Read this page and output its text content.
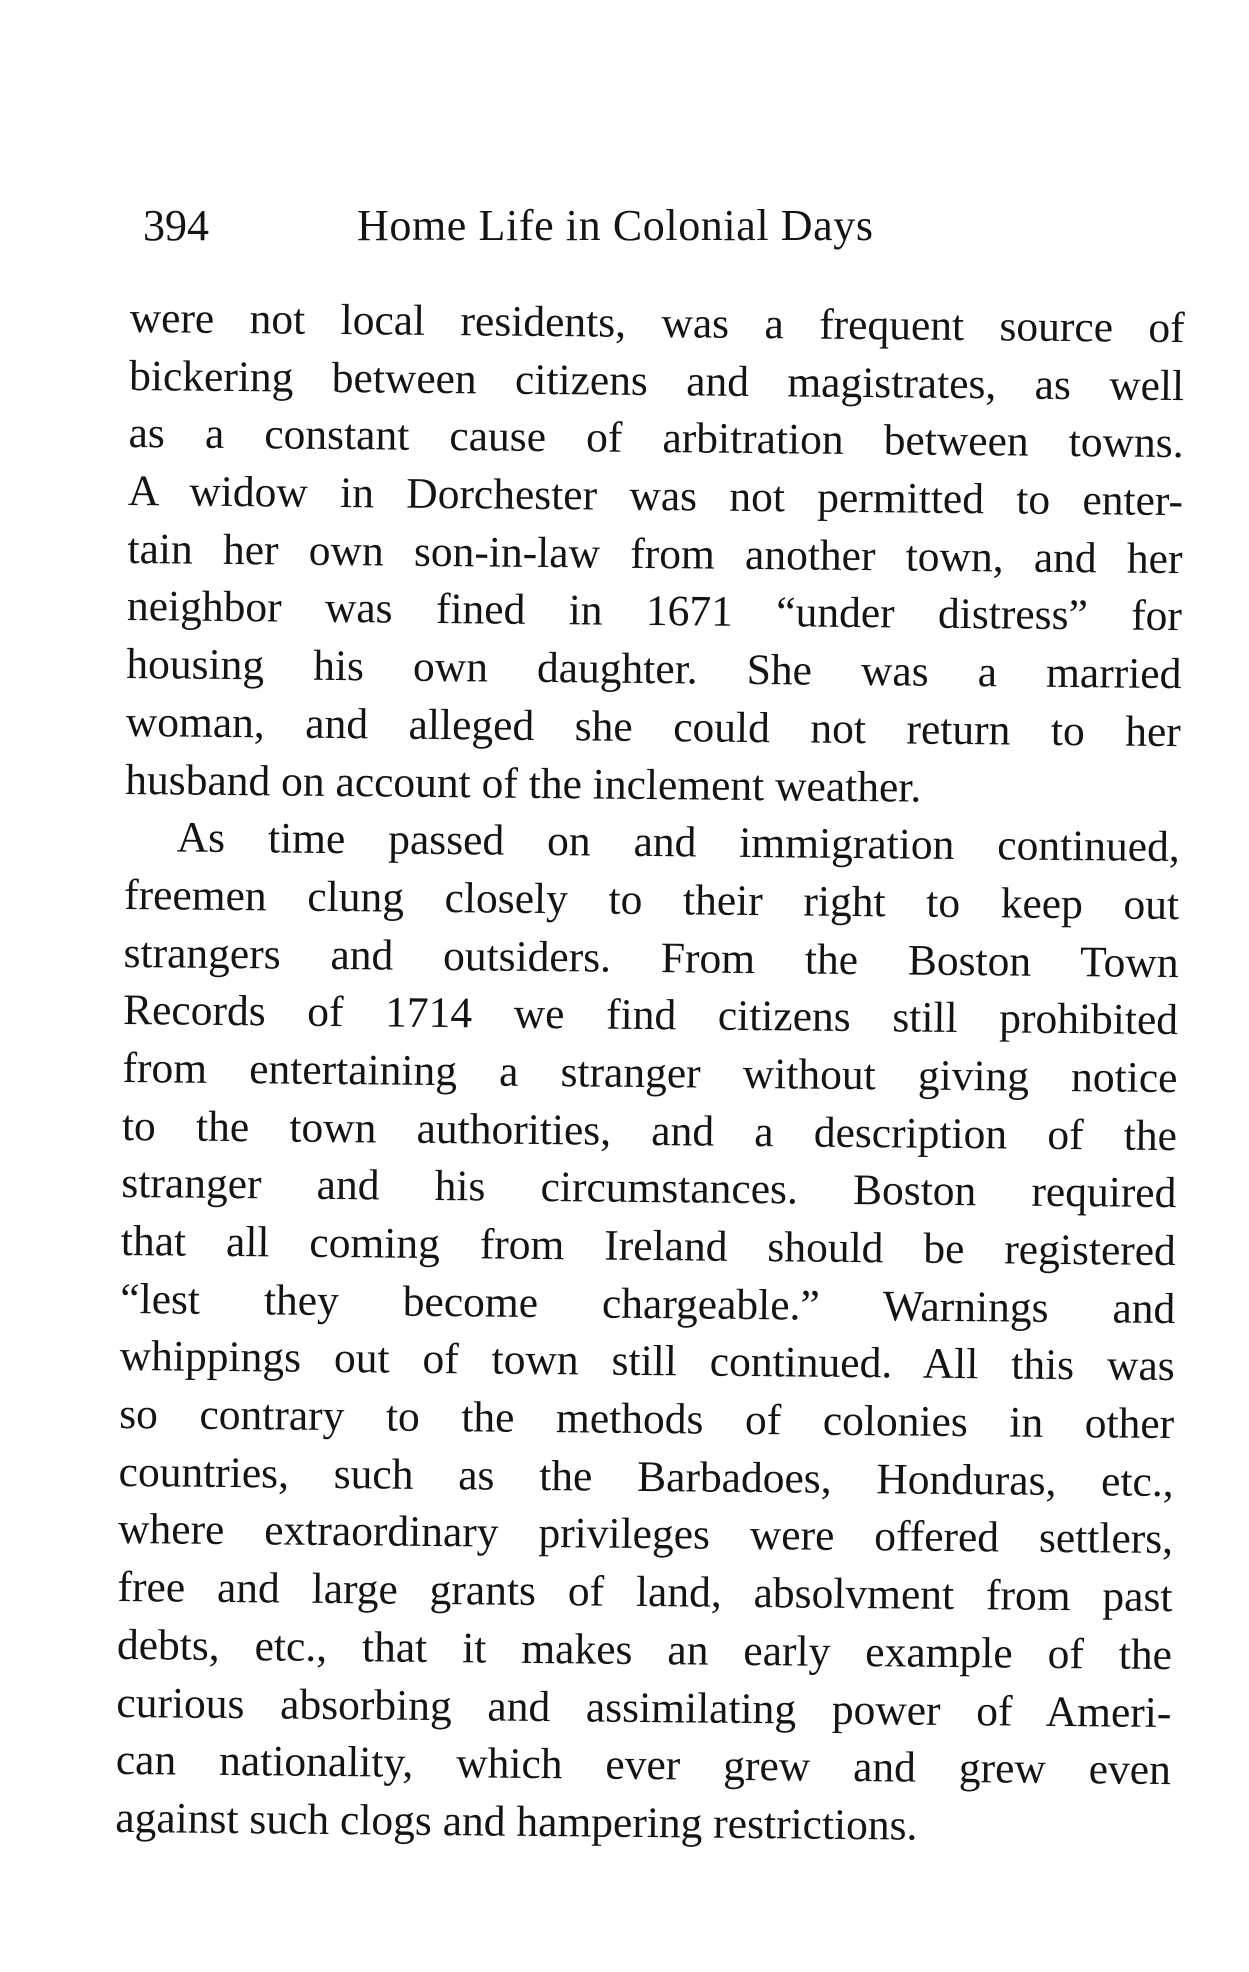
394	Home Life in Colonial Days
were not local residents, was a frequent source of
bickering between citizens and magistrates, as well
as a constant cause of arbitration between towns.
A widow in Dorchester was not permitted to enter-
tain her own son-in-law from another town, and her
neighbor was fined in 1671 “under distress” for
housing his own daughter. She was a married
woman, and alleged she could not return to her
husband on account of the inclement weather.
As time passed on and immigration continued,
freemen clung closely to their right to keep out
strangers and outsiders. From the Boston Town
Records of 1714 we find citizens still prohibited
from entertaining a stranger without giving notice
to the town authorities, and a description of the
stranger and his circumstances. Boston required
that all coming from Ireland should be registered
“lest they become chargeable.” Warnings and
whippings out of town still continued. All this was
so contrary to the methods of colonies in other
countries, such as the Barbadoes, Honduras, etc.,
where extraordinary privileges were offered settlers,
free and large grants of land, absolvment from past
debts, etc., that it makes an early example of the
curious absorbing and assimilating power of Ameri-
can nationality, which ever grew and grew even
against such clogs and hampering restrictions.
